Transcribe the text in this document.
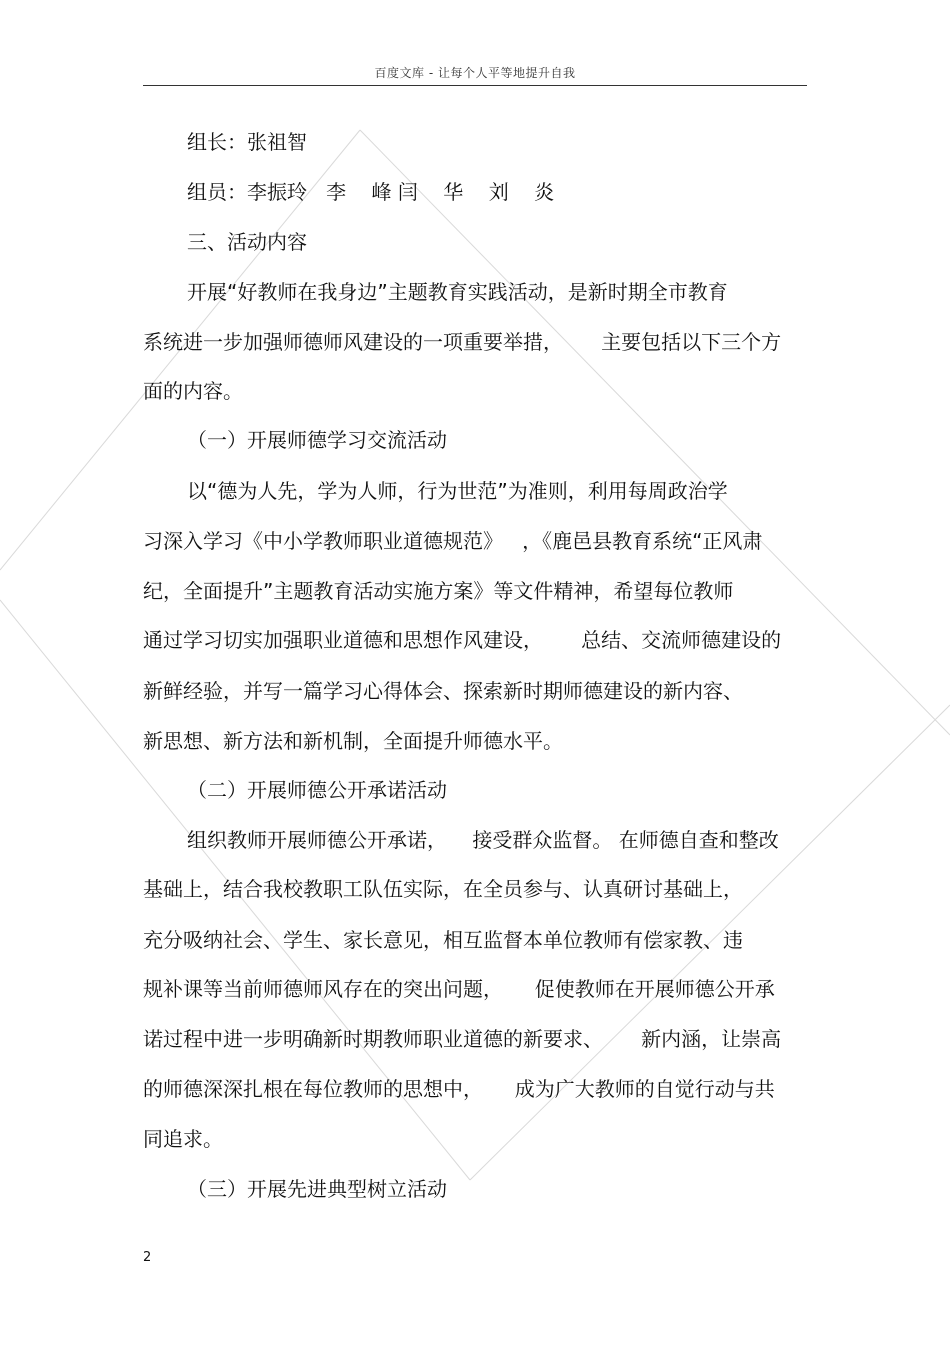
百度文库 - 让每个人平等地提升自我
组长：张祖智
组员：李振玲   李    峰 闫    华    刘    炎
三、活动内容
开展“好教师在我身边”主题教育实践活动，是新时期全市教育
系统进一步加强师德师风建设的一项重要举措，      主要包括以下三个方
面的内容。
（一）开展师德学习交流活动
以“德为人先，学为人师，行为世范”为准则，利用每周政治学
习深入学习《中小学教师职业道德规范》   ，《鹿邑县教育系统“正风肃
纪，全面提升”主题教育活动实施方案》等文件精神，希望每位教师
通过学习切实加强职业道德和思想作风建设，      总结、交流师德建设的
新鲜经验，并写一篇学习心得体会、探索新时期师德建设的新内容、
新思想、新方法和新机制，全面提升师德水平。
（二）开展师德公开承诺活动
组织教师开展师德公开承诺，    接受群众监督。 在师德自查和整改
基础上，结合我校教职工队伍实际，在全员参与、认真研讨基础上，
充分吸纳社会、学生、家长意见，相互监督本单位教师有偿家教、违
规补课等当前师德师风存在的突出问题，     促使教师在开展师德公开承
诺过程中进一步明确新时期教师职业道德的新要求、      新内涵，让崇高
的师德深深扎根在每位教师的思想中，     成为广大教师的自觉行动与共
同追求。
（三）开展先进典型树立活动
2
